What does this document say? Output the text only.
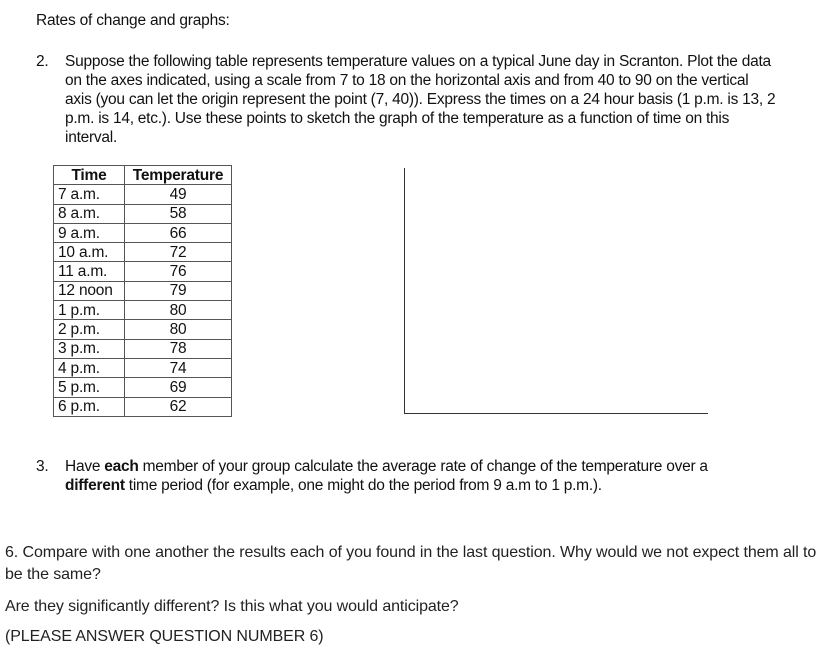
Rates of change and graphs:
2. Suppose the following table represents temperature values on a typical June day in Scranton. Plot the data on the axes indicated, using a scale from 7 to 18 on the horizontal axis and from 40 to 90 on the vertical axis (you can let the origin represent the point (7, 40)). Express the times on a 24 hour basis (1 p.m. is 13, 2 p.m. is 14, etc.). Use these points to sketch the graph of the temperature as a function of time on this interval.
Time	Temperature
7 a.m.	49
8 a.m.	58
9 a.m.	66
10 a.m.	72
11 a.m.	76
12 noon	79
1 p.m.	80
2 p.m.	80
3 p.m.	78
4 p.m.	74
5 p.m.	69
6 p.m.	62
3. Have each member of your group calculate the average rate of change of the temperature over a different time period (for example, one might do the period from 9 a.m to 1 p.m.).

6. Compare with one another the results each of you found in the last question. Why would we not expect them all to be the same?

Are they significantly different? Is this what you would anticipate?

(PLEASE ANSWER QUESTION NUMBER 6)
